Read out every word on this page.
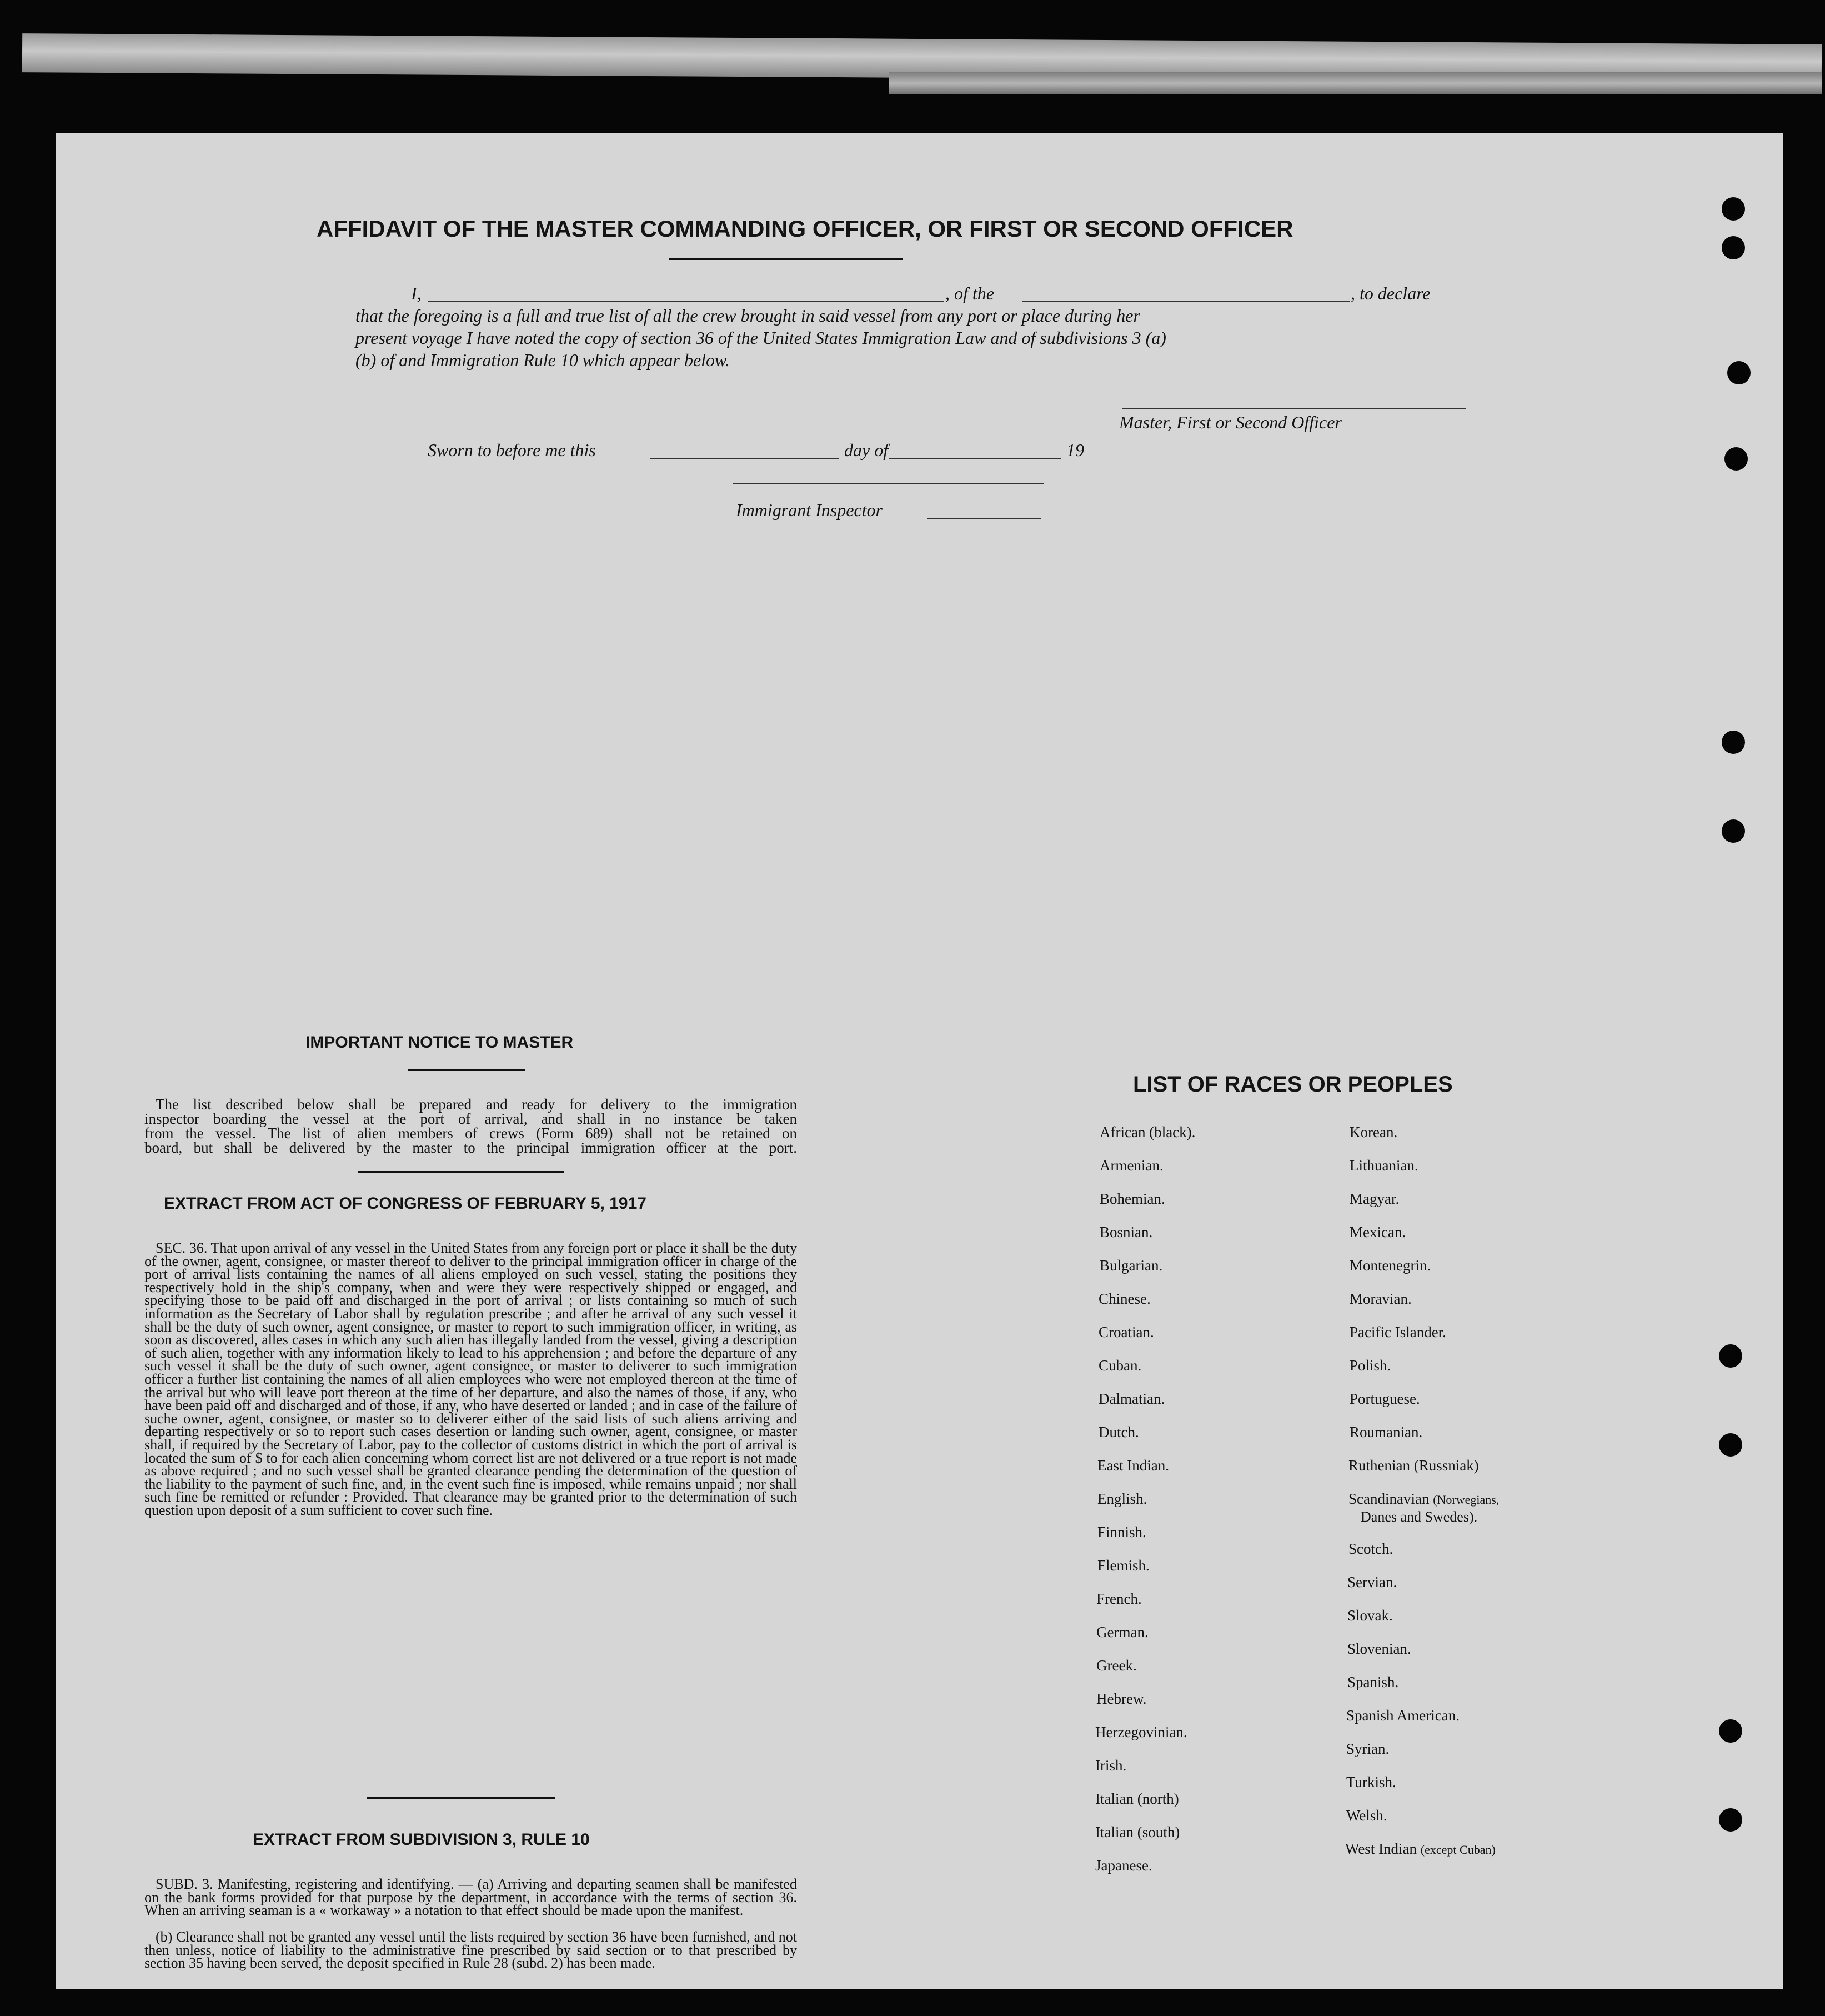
AFFIDAVIT OF THE MASTER COMMANDING OFFICER, OR FIRST OR SECOND OFFICER
I,	, of the	, to declare
that the foregoing is a full and true list of all the crew brought in said vessel from any port or place during her
present voyage I have noted the copy of section 36 of the United States Immigration Law and of subdivisions 3 (a)
(b) of and Immigration Rule 10 which appear below.
Master, First or Second Officer
Sworn to before me this	day of	19
Immigrant Inspector
IMPORTANT NOTICE TO MASTER
The list described below shall be prepared and ready for delivery to the immigration
inspector boarding the vessel at the port of arrival, and shall in no instance be taken
from the vessel. The list of alien members of crews (Form 689) shall not be retained on
board, but shall be delivered by the master to the principal immigration officer at the port.
EXTRACT FROM ACT OF CONGRESS OF FEBRUARY 5, 1917
SEC. 36. That upon arrival of any vessel in the United States from any foreign port or place it shall be the duty of the owner, agent, consignee, or master thereof to deliver to the principal immigration officer in charge of the port of arrival lists containing the names of all aliens employed on such vessel, stating the positions they respectively hold in the ship's company, when and were they were respectively shipped or engaged, and specifying those to be paid off and discharged in the port of arrival ; or lists containing so much of such information as the Secretary of Labor shall by regulation prescribe ; and after he arrival of any such vessel it shall be the duty of such owner, agent consignee, or master to report to such immigration officer, in writing, as soon as discovered, alles cases in which any such alien has illegally landed from the vessel, giving a description of such alien, together with any information likely to lead to his apprehension ; and before the departure of any such vessel it shall be the duty of such owner, agent consignee, or master to deliverer to such immigration officer a further list containing the names of all alien employees who were not employed thereon at the time of the arrival but who will leave port thereon at the time of her departure, and also the names of those, if any, who have been paid off and discharged and of those, if any, who have deserted or landed ; and in case of the failure of suche owner, agent, consignee, or master so to deliverer either of the said lists of such aliens arriving and departing respectively or so to report such cases desertion or landing such owner, agent, consignee, or master shall, if required by the Secretary of Labor, pay to the collector of customs district in which the port of arrival is located the sum of $ to for each alien concerning whom correct list are not delivered or a true report is not made as above required ; and no such vessel shall be granted clearance pending the determination of the question of the liability to the payment of such fine, and, in the event such fine is imposed, while remains unpaid ; nor shall such fine be remitted or refunder : Provided. That clearance may be granted prior to the determination of such question upon deposit of a sum sufficient to cover such fine.
EXTRACT FROM SUBDIVISION 3, RULE 10
SUBD. 3. Manifesting, registering and identifying. — (a) Arriving and departing seamen shall be manifested on the bank forms provided for that purpose by the department, in accordance with the terms of section 36. When an arriving seaman is a « workaway » a notation to that effect should be made upon the manifest.
(b) Clearance shall not be granted any vessel until the lists required by section 36 have been furnished, and not then unless, notice of liability to the administrative fine prescribed by said section or to that prescribed by section 35 having been served, the deposit specified in Rule 28 (subd. 2) has been made.
LIST OF RACES OR PEOPLES
African (black).
Armenian.
Bohemian.
Bosnian.
Bulgarian.
Chinese.
Croatian.
Cuban.
Dalmatian.
Dutch.
East Indian.
English.
Finnish.
Flemish.
French.
German.
Greek.
Hebrew.
Herzegovinian.
Irish.
Italian (north)
Italian (south)
Japanese.
Korean.
Lithuanian.
Magyar.
Mexican.
Montenegrin.
Moravian.
Pacific Islander.
Polish.
Portuguese.
Roumanian.
Ruthenian (Russniak)
Scandinavian (Norwegians,
Danes and Swedes).
Scotch.
Servian.
Slovak.
Slovenian.
Spanish.
Spanish American.
Syrian.
Turkish.
Welsh.
West Indian (except Cuban)
